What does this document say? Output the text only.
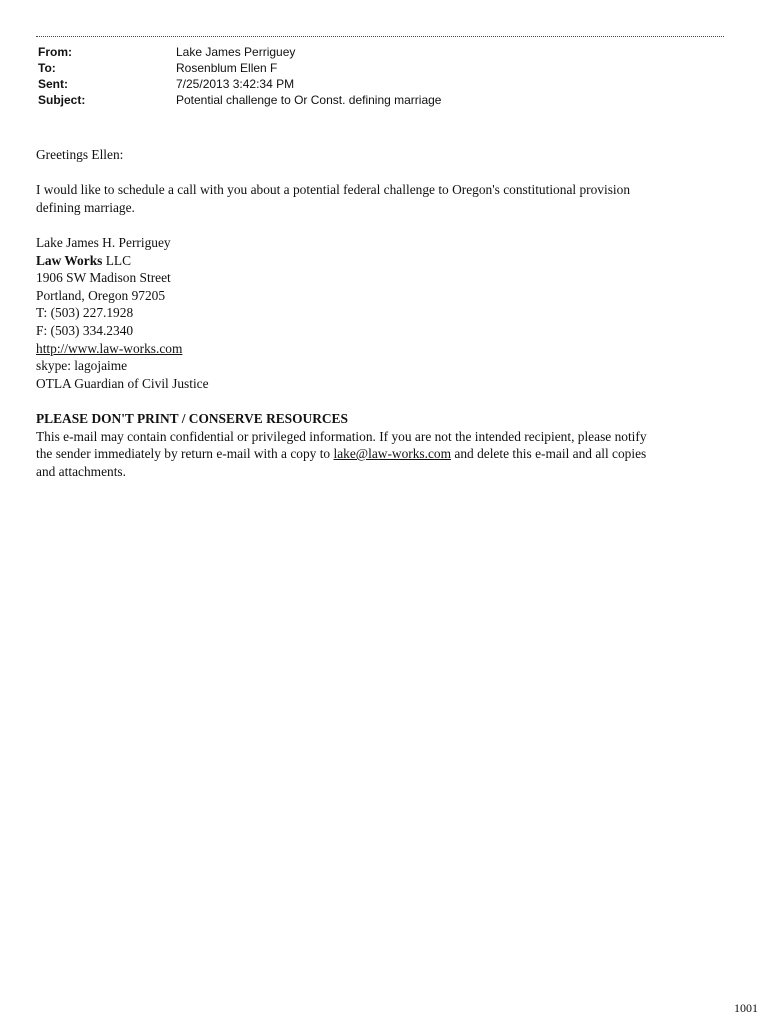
From:	Lake James Perriguey
To:	Rosenblum Ellen F
Sent:	7/25/2013 3:42:34 PM
Subject:	Potential challenge to Or Const. defining marriage

Greetings Ellen:

I would like to schedule a call with you about a potential federal challenge to Oregon's constitutional provision

defining marriage.

Lake James H. Perriguey

Law Works LLC

1906 SW Madison Street

Portland, Oregon 97205

T: (503) 227.1928

F: (503) 334.2340

http://www.law-works.com

skype: lagojaime

OTLA Guardian of Civil Justice

PLEASE DON'T PRINT / CONSERVE RESOURCES

This e-mail may contain confidential or privileged information. If you are not the intended recipient, please notify

the sender immediately by return e-mail with a copy to lake@law-works.com and delete this e-mail and all copies

and attachments.

1001
